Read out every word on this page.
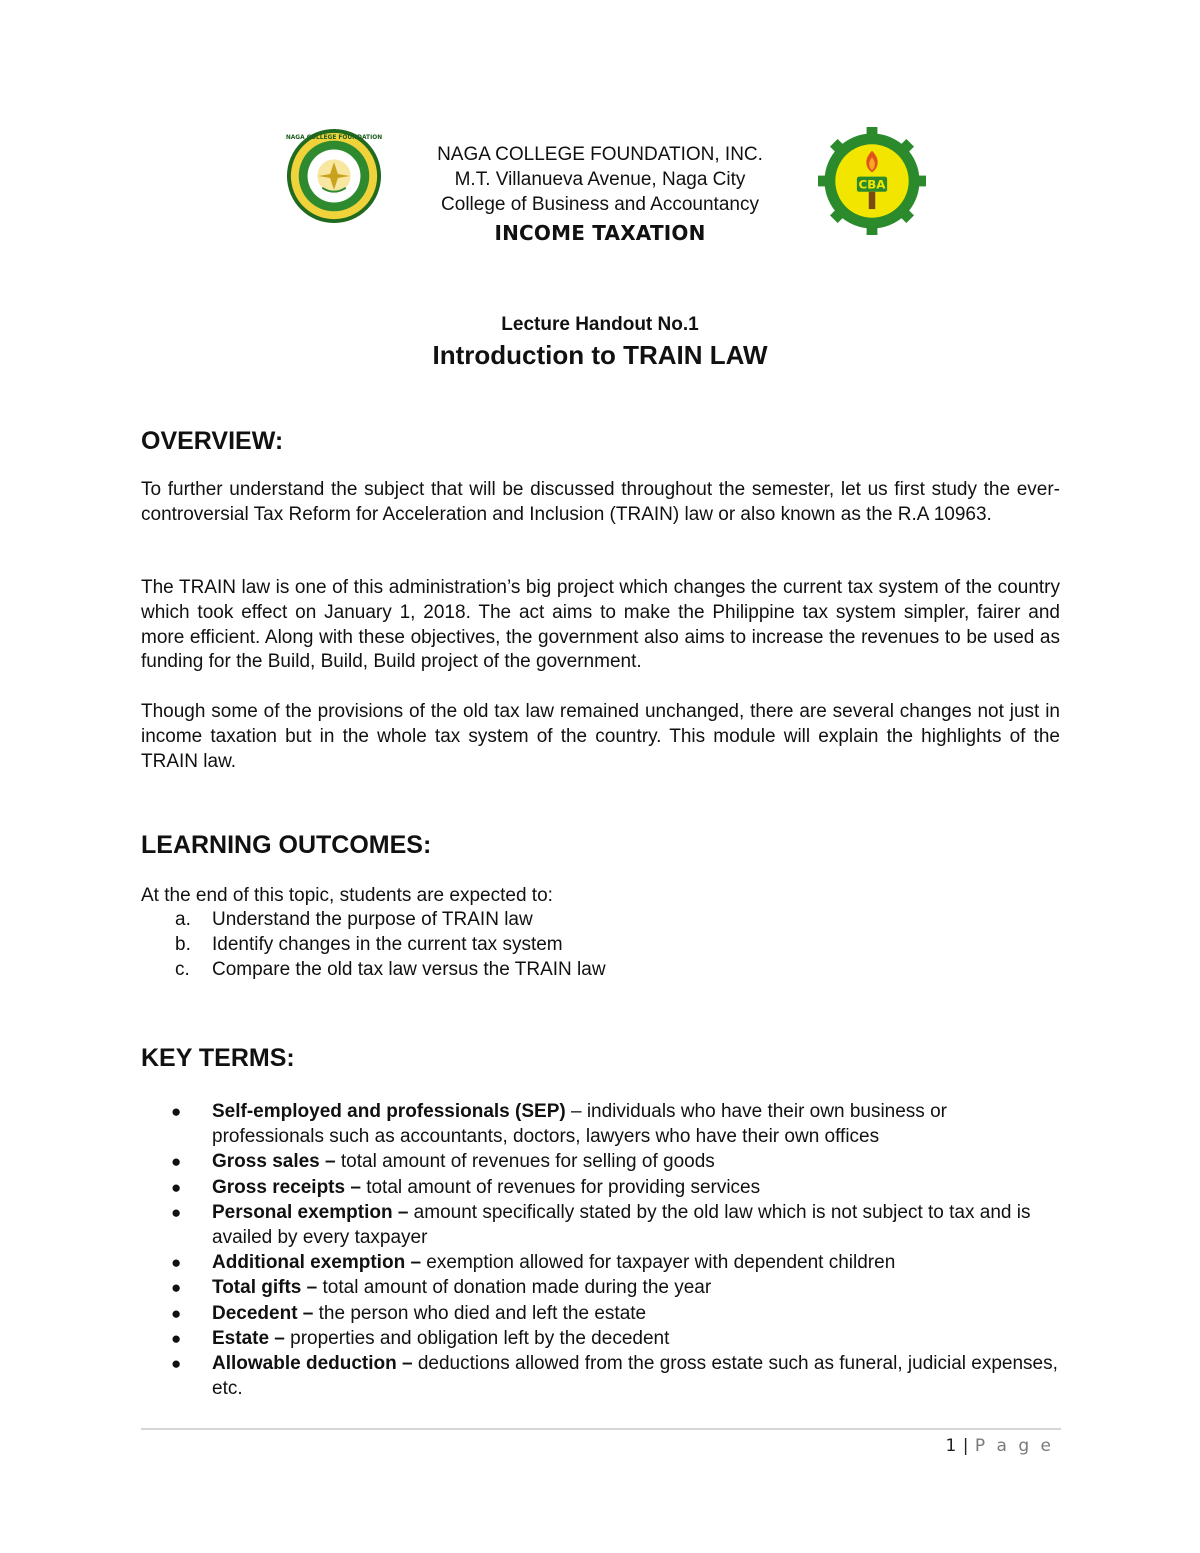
NAGA COLLEGE FOUNDATION
CBA
NAGA COLLEGE FOUNDATION, INC.
M.T. Villanueva Avenue, Naga City
College of Business and Accountancy
INCOME TAXATION
Lecture Handout No.1
Introduction to TRAIN LAW
OVERVIEW:

To further understand the subject that will be discussed throughout the semester, let us first study the ever-controversial Tax Reform for Acceleration and Inclusion (TRAIN) law or also known as the R.A 10963.

The TRAIN law is one of this administration’s big project which changes the current tax system of the country which took effect on January 1, 2018. The act aims to make the Philippine tax system simpler, fairer and more efficient. Along with these objectives, the government also aims to increase the revenues to be used as funding for the Build, Build, Build project of the government.

Though some of the provisions of the old tax law remained unchanged, there are several changes not just in income taxation but in the whole tax system of the country. This module will explain the highlights of the TRAIN law.

LEARNING OUTCOMES:
At the end of this topic, students are expected to:
a. Understand the purpose of TRAIN law
b. Identify changes in the current tax system
c. Compare the old tax law versus the TRAIN law
KEY TERMS:
● Self-employed and professionals (SEP) – individuals who have their own business or professionals such as accountants, doctors, lawyers who have their own offices
● Gross sales – total amount of revenues for selling of goods
● Gross receipts – total amount of revenues for providing services
● Personal exemption – amount specifically stated by the old law which is not subject to tax and is availed by every taxpayer
● Additional exemption – exemption allowed for taxpayer with dependent children
● Total gifts – total amount of donation made during the year
● Decedent – the person who died and left the estate
● Estate – properties and obligation left by the decedent
● Allowable deduction – deductions allowed from the gross estate such as funeral, judicial expenses, etc.
1 | P a g e
